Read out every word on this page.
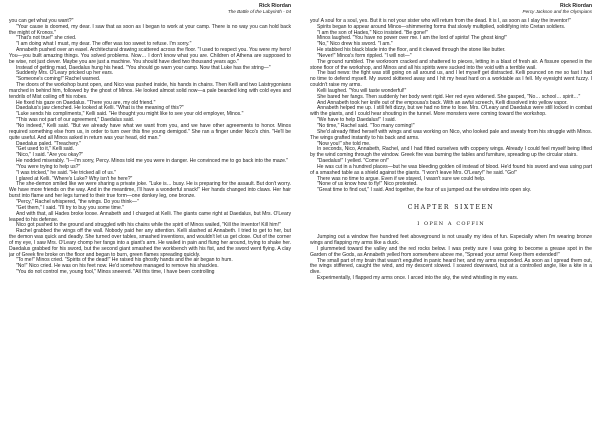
Rick Riordan
The Battle of the Labyrinth - 04

you can get what you want?"

"Your cause is doomed, my dear. I saw that as soon as I began to work at your camp. There is no way you can hold back the might of Kronos."

"That's not true!" she cried.

"I am doing what I must, my dear. The offer was too sweet to refuse. I'm sorry."

Annabeth pushed over an easel. Architectural drawing scattered across the floor. "I used to respect you. You were my hero! You—you built amazing things. You solved problems. Now… I don't know what you are. Children of Athena are supposed to be wise, not just clever. Maybe you are just a machine. You should have died two thousand years ago."

Instead of getting mad, Daedalus hung his head. "You should go warn your camp. Now that Luke has the string—"

Suddenly Mrs. O'Leary pricked up her ears.

"Someone's coming!" Rachel warned.

The doors of the workshop burst open, and Nico was pushed inside, his hands in chains. Then Kelli and two Laistrygonians marched in behind him, followed by the ghost of Minos. He looked almost solid now—a pale bearded king with cold eyes and tendrils of Mist coiling off his robes.

He fixed his gaze on Daedalus. "There you are, my old friend."

Daedalus's jaw clenched. He looked at Kelli. "What is the meaning of this?"

"Luke sends his compliments," Kelli said. "He thought you might like to see your old employer, Minos."

"This was not part of our agreement," Daedalus said.

"No indeed," Kelli said. "But we already have what we want from you, and we have other agreements to honor. Minos required something else from us, in order to turn over this fine young demigod." She ran a finger under Nico's chin. "He'll be quite useful. And all Minos asked in return was your head, old man."

Daedalus paled. "Treachery."

"Get used to it," Kelli said.

"Nico," I said. "Are you okay?"

He nodded miserably. "I—I'm sorry, Percy. Minos told me you were in danger. He convinced me to go back into the maze."

"You were trying to help us?"

"I was tricked," he said. "He tricked all of us."

I glared at Kelli. "Where's Luke? Why isn't he here?"

The she-demon smiled like we were sharing a private joke. "Luke is… busy. He is preparing for the assault. But don't worry. We have more friends on the way. And in the meantime, I'll have a wonderful snack!" Her hands changed into claws. Her hair burst into flame and her legs turned to their true form—one donkey leg, one bronze.

"Percy," Rachel whispered, "the wings. Do you think—"

"Get them," I said. "I'll try to buy you some time."

And with that, all Hades broke loose. Annabeth and I charged at Kelli. The giants came right at Daedalus, but Mrs. O'Leary leaped to his defense.

Nico got pushed to the ground and struggled with his chains while the spirit of Minos wailed, "Kill the inventor! Kill him!"

Rachel grabbed the wings off the wall. Nobody paid her any attention. Kelli slashed at Annabeth. I tried to get to her, but the demon was quick and deadly. She turned over tables, smashed inventions, and wouldn't let us get close. Out of the corner of my eye, I saw Mrs. O'Leary chomp her fangs into a giant's arm. He wailed in pain and flung her around, trying to shake her. Daedalus grabbed for his sword, but the second giant smashed the workbench with his fist, and the sword went flying. A clay jar of Greek fire broke on the floor and began to burn, green flames spreading quickly.

"To me!" Minos cried. "Spirits of the dead!" He raised his ghostly hands and the air began to hum.

"No!" Nico cried. He was on his feet now. He'd somehow managed to remove his shackles.

"You do not control me, young fool," Minos sneered. "All this time, I have been controlling

Rick Riordan
Percy Jackson and the Olympians

you! A soul for a soul, yes. But it is not your sister who will return from the dead. It is I, as soon as I slay the inventor!"

Spirits began to appear around Minos—shimmering forms that slowly multiplied, solidifying into Cretan soldiers.

"I am the son of Hades," Nico insisted. "Be gone!"

Minos laughed. "You have no power over me. I am the lord of spirits! The ghost king!"

"No," Nico drew his sword. "I am."

He stabbed his black blade into the floor, and it cleaved through the stone like butter.

"Never!" Minos's form rippled. "I will not—"

The ground rumbled. The workroom cracked and shattered to pieces, letting in a blast of fresh air. A fissure opened in the stone floor of the workshop, and Minos and all his spirits were sucked into the void with a terrible wail.

The bad news: the fight was still going on all around us, and I let myself get distracted. Kelli pounced on me so fast I had no time to defend myself. My sword skittered away and I hit my head hard on a worktable as I fell. My eyesight went fuzzy. I couldn't raise my arms.

Kelli laughed. "You will taste wonderful!"

She bared her fangs. Then suddenly her body went rigid. Her red eyes widened. She gasped, "No… school… spirit…"

And Annabeth took her knife out of the empousa's back. With an awful screech, Kelli dissolved into yellow vapor.

Annabeth helped me up. I still felt dizzy, but we had no time to lose. Mrs. O'Leary and Daedalus were still locked in combat with the giants, and I could hear shouting in the tunnel. More monsters were coming toward the workshop.

"We have to help Daedalus!" I said.

"No time," Rachel said. "Too many coming!"

She'd already fitted herself with wings and was working on Nico, who looked pale and sweaty from his struggle with Minos. The wings grafted instantly to his back and arms.

"Now you!" she told me.

In seconds, Nico, Annabeth, Rachel, and I had fitted ourselves with coppery wings. Already I could feel myself being lifted by the wind coming through the window. Greek fire was burning the tables and furniture, spreading up the circular stairs.

"Daedalus!" I yelled. "Come on!"

He was cut in a hundred places—but he was bleeding golden oil instead of blood. He'd found his sword and was using part of a smashed table as a shield against the giants. "I won't leave Mrs. O'Leary!" he said. "Go!"

There was no time to argue. Even if we stayed, I wasn't sure we could help.

"None of us know how to fly!" Nico protested.

"Great time to find out," I said. And together, the four of us jumped out the window into open sky.

chapter sixteen
i open a coffin

Jumping out a window five hundred feet aboveground is not usually my idea of fun. Especially when I'm wearing bronze wings and flapping my arms like a duck.

I plummeted toward the valley and the red rocks below. I was pretty sure I was going to become a grease spot in the Garden of the Gods, as Annabeth yelled from somewhere above me, "Spread your arms! Keep them extended!"

The small part of my brain that wasn't engulfed in panic heard her, and my arms responded. As soon as I spread them out, the wings stiffened, caught the wind, and my descent slowed. I soared downward, but at a controlled angle, like a kite in a dive.

Experimentally, I flapped my arms once. I arced into the sky, the wind whistling in my ears.
